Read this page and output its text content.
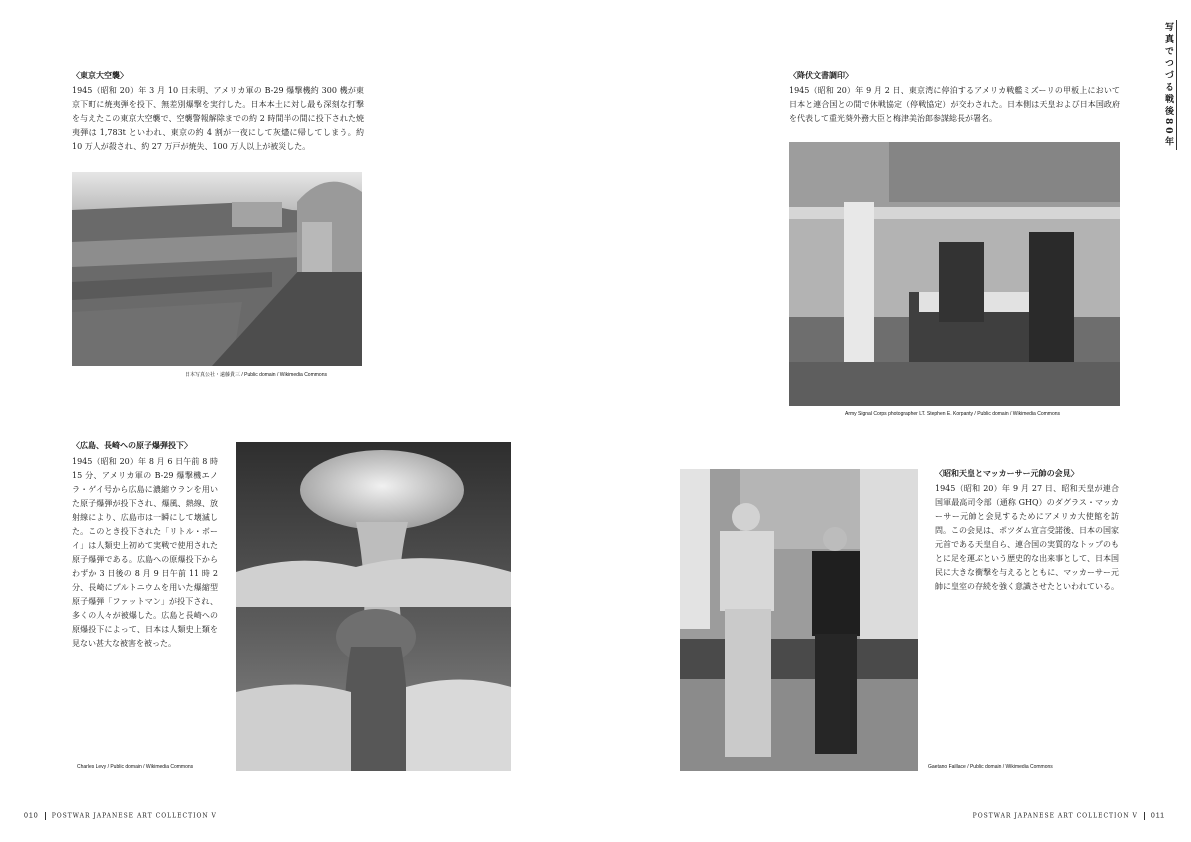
写真でつづる戦後80年
〈東京大空襲〉
1945（昭和 20）年 3 月 10 日未明、アメリカ軍の B-29 爆撃機約 300 機が東京下町に焼夷弾を投下、無差別爆撃を実行した。日本本土に対し最も深刻な打撃を与えたこの東京大空襲で、空襲警報解除までの約 2 時間半の間に投下された焼夷弾は 1,783t といわれ、東京の約 4 割が一夜にして灰燼に帰してしまう。約 10 万人が殺され、約 27 万戸が焼失、100 万人以上が被災した。
日本写真公社・遠藤貴三 / Public domain / Wikimedia Commons
〈広島、長崎への原子爆弾投下〉
1945（昭和 20）年 8 月 6 日午前 8 時 15 分、アメリカ軍の B-29 爆撃機エノラ・ゲイ号から広島に濃縮ウランを用いた原子爆弾が投下され、爆風、熱線、放射線により、広島市は一瞬にして壊滅した。このとき投下された「リトル・ボーイ」は人類史上初めて実戦で使用された原子爆弾である。広島への原爆投下からわずか 3 日後の 8 月 9 日午前 11 時 2 分、長崎にプルトニウムを用いた爆縮型原子爆弾「ファットマン」が投下され、多くの人々が被爆した。広島と長崎への原爆投下によって、日本は人類史上類を見ない甚大な被害を被った。
Charles Levy / Public domain / Wikimedia Commons
〈降伏文書調印〉
1945（昭和 20）年 9 月 2 日、東京湾に停泊するアメリカ戦艦ミズーリの甲板上において日本と連合国との間で休戦協定（停戦協定）が交わされた。日本側は天皇および日本国政府を代表して重光葵外務大臣と梅津美治郎参謀総長が署名。
Army Signal Corps photographer LT. Stephen E. Korpanty / Public domain / Wikimedia Commons
〈昭和天皇とマッカーサー元帥の会見〉
1945（昭和 20）年 9 月 27 日、昭和天皇が連合国軍最高司令部（通称 GHQ）のダグラス・マッカーサー元帥と会見するためにアメリカ大使館を訪問。この会見は、ポツダム宣言受諾後、日本の国家元首である天皇自ら、連合国の実質的なトップのもとに足を運ぶという歴史的な出来事として、日本国民に大きな衝撃を与えるとともに、マッカーサー元帥に皇室の存続を強く意識させたといわれている。
Gaetano Faillace / Public domain / Wikimedia Commons
010 POSTWAR JAPANESE ART COLLECTION V	POSTWAR JAPANESE ART COLLECTION V 011
